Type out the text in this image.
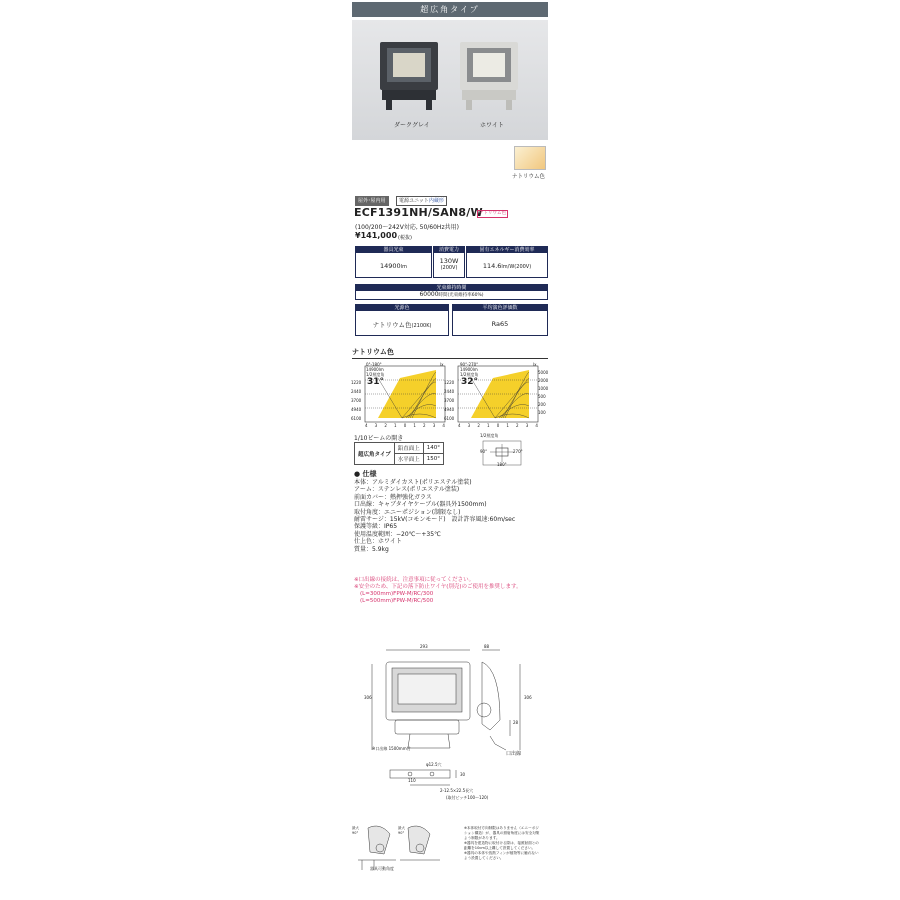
超広角タイプ
ダークグレイ	ホワイト
ナトリウム色
屋外･屋内用	電源ユニット内蔵形
ECF1391NH/SAN8/W
ナトリウム色
(100/200～242V対応, 50/60Hz共用)
¥141,000 (税抜)
器具光束
14900lm
消費電力
130W
(200V)
固有エネルギー消費効率
114.6lm/W(200V)
光束維持時間
60000時間(光束維持率60%)
光源色
ナトリウム色(2100K)
平均演色評価数
Ra65
ナトリウム色
0°-180°
14900lm
1/2照度角
31°
lx	90°-270°
14900lm
1/2照度角
32°
lx
1220
2440
3700
4940
6100
1220
2440
3700
4940
6100
5000
2000
1000
500
200
100
4 3 2 1 0 1 2 3 4	4 3 2 1 0 1 2 3 4
1/10ビームの開き
超広角タイプ	鉛直面上	140°
	水平面上	150°
1/2照度角
90°	270°
180°
● 仕様
本体：アルミダイカスト(ポリエステル塗装)
アーム：ステンレス(ポリエステル塗装)
前面カバー：熱押強化ガラス
口出線：キャブタイヤケーブル(器具外1500mm)
取付角度：エニーポジション(制限なし)
耐雷サージ：15kV(コモンモード)　設計許容風速:60m/sec
保護等級：IP65
使用温度範囲：−20℃～+35℃
仕上色：ホワイト
質量：5.9kg
※口出線の接続は、注意事項に従ってください。
※安全のため、下記の落下防止ワイヤ(別売)のご使用を推奨します。
(L=300mm)FPW-M/RC/300
(L=500mm)FPW-M/RC/500
293	88
306	306
28
※口出線 1500mm付
口出線
φ12.5穴
110
30
2-12.5×22.5長穴
(取付ピッチ100～120)
最大 90°
最大 90°
器具可動角度
※本体取付方向制限はありません（エニーポジ
ション構造）が、器具の照射角度には安全対策
よう制限があります。
※器具を建造物に取付ける際は、接照射面との
距離を10cm以上離して設置してください。
※器具の本体や放熱フィンが植物等に触れない
よう設置してください。
